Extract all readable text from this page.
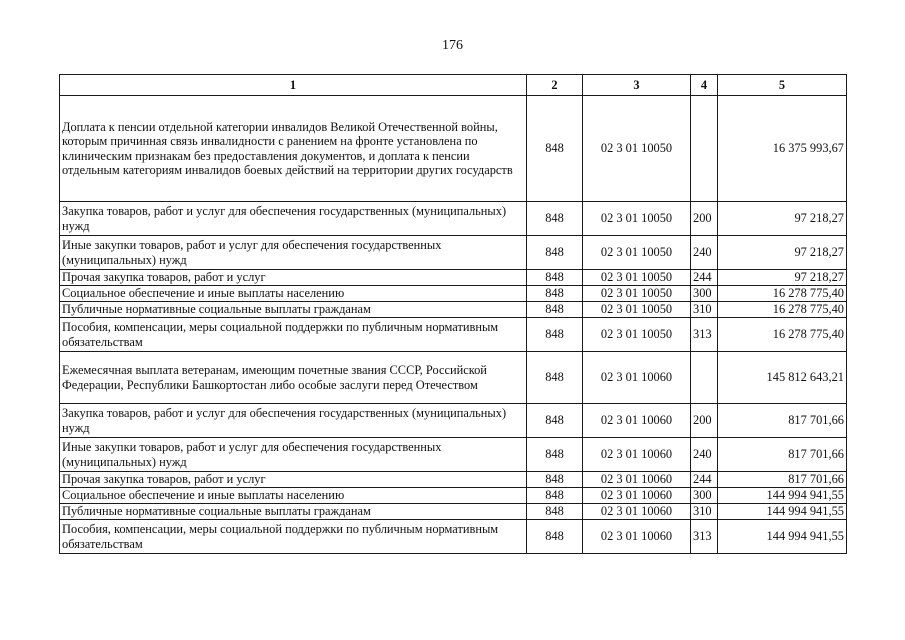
176
1	2	3	4	5
Доплата к пенсии отдельной категории инвалидов Великой Отечественной войны, которым причинная связь инвалидности с ранением на фронте установлена по клиническим признакам без предоставления документов, и доплата к пенсии отдельным категориям инвалидов боевых действий на территории других государств	848	02 3 01 10050		16 375 993,67
Закупка товаров, работ и услуг для обеспечения государственных (муниципальных) нужд	848	02 3 01 10050	200	97 218,27
Иные закупки товаров, работ и услуг для обеспечения государственных (муниципальных) нужд	848	02 3 01 10050	240	97 218,27
Прочая закупка товаров, работ и услуг	848	02 3 01 10050	244	97 218,27
Социальное обеспечение и иные выплаты населению	848	02 3 01 10050	300	16 278 775,40
Публичные нормативные социальные выплаты гражданам	848	02 3 01 10050	310	16 278 775,40
Пособия, компенсации, меры социальной поддержки по публичным нормативным обязательствам	848	02 3 01 10050	313	16 278 775,40
Ежемесячная выплата ветеранам, имеющим почетные звания СССР, Российской Федерации, Республики Башкортостан либо особые заслуги перед Отечеством	848	02 3 01 10060		145 812 643,21
Закупка товаров, работ и услуг для обеспечения государственных (муниципальных) нужд	848	02 3 01 10060	200	817 701,66
Иные закупки товаров, работ и услуг для обеспечения государственных (муниципальных) нужд	848	02 3 01 10060	240	817 701,66
Прочая закупка товаров, работ и услуг	848	02 3 01 10060	244	817 701,66
Социальное обеспечение и иные выплаты населению	848	02 3 01 10060	300	144 994 941,55
Публичные нормативные социальные выплаты гражданам	848	02 3 01 10060	310	144 994 941,55
Пособия, компенсации, меры социальной поддержки по публичным нормативным обязательствам	848	02 3 01 10060	313	144 994 941,55
